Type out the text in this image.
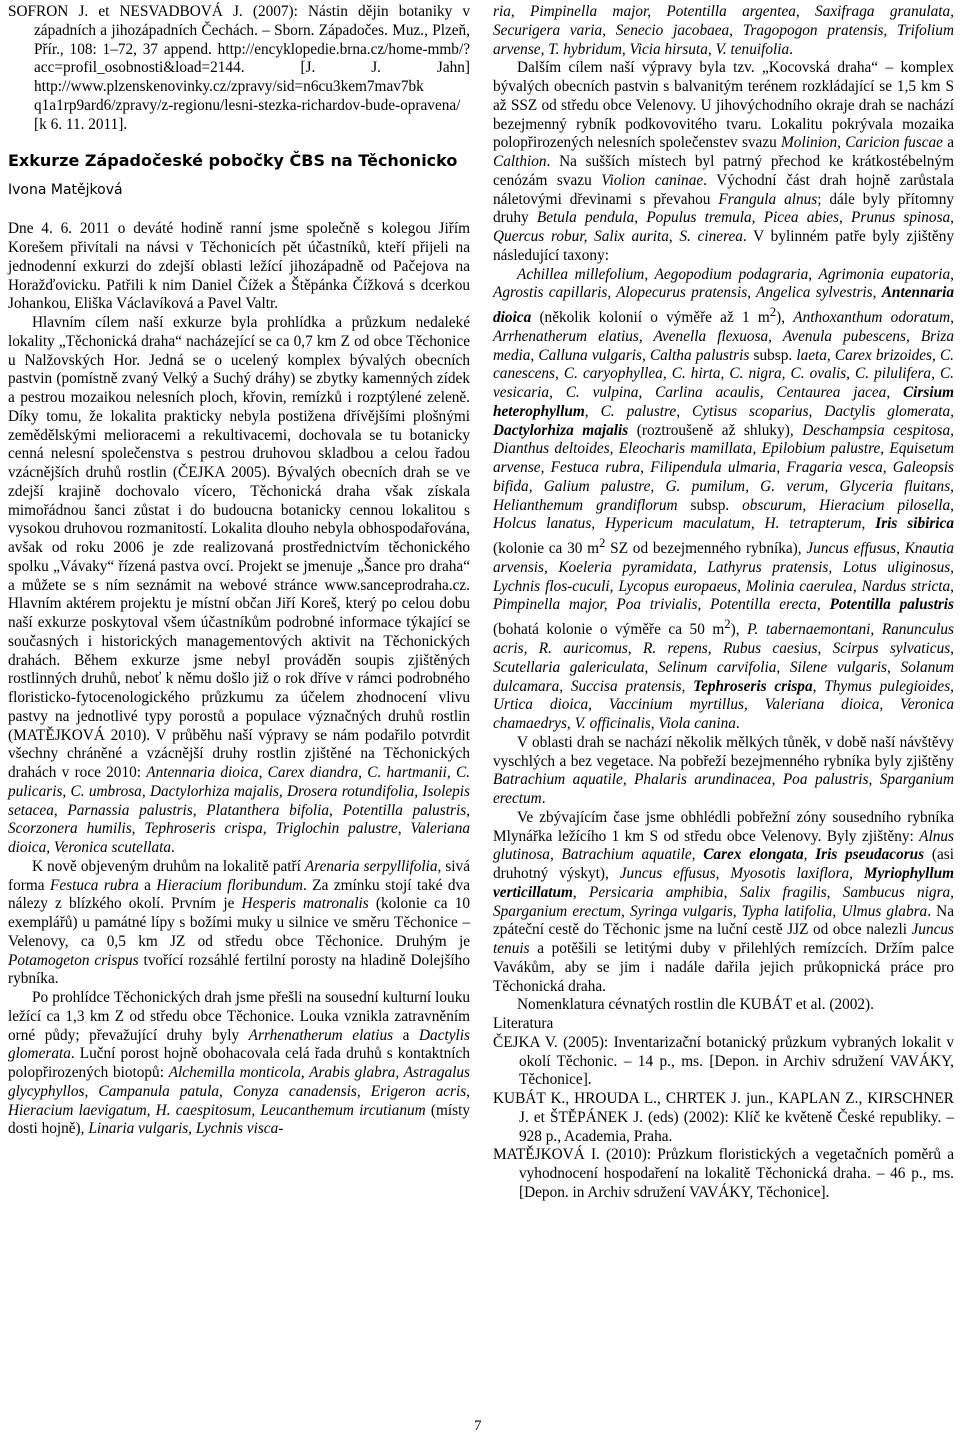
SOFRON J. et NESVADBOVÁ J. (2007): Nástin dějin botaniky v západních a jihozápadních Čechách. – Sborn. Západočes. Muz., Plzeň, Přír., 108: 1–72, 37 append. http://encyklopedie.brna.cz/home-mmb/?acc=profil_osobnosti&load=2144. [J. J. Jahn] http://www.plzenskenovinky.cz/zpravy/sid=n6cu3kem7mav7bk q1a1rp9ard6/zpravy/z-regionu/lesni-stezka-richardov-bude-opravena/ [k 6. 11. 2011].

Exkurze Západočeské pobočky ČBS na Těchonicko
Ivona Matějková

Dne 4. 6. 2011 o deváté hodině ranní jsme společně s kolegou Jiřím Korešem přivítali na návsi v Těchonicích pět účastníků, kteří přijeli na jednodenní exkurzi do zdejší oblasti ležící jihozápadně od Pačejova na Horažďovicku. Patřili k nim Daniel Čížek a Štěpánka Čížková s dcerkou Johankou, Eliška Václavíková a Pavel Valtr.

Hlavním cílem naší exkurze byla prohlídka a průzkum nedaleké lokality „Těchonická draha“ nacházející se ca 0,7 km Z od obce Těchonice u Nalžovských Hor. Jedná se o ucelený komplex bývalých obecních pastvin (pomístně zvaný Velký a Suchý dráhy) se zbytky kamenných zídek a pestrou mozaikou nelesních ploch, křovin, remízků i rozptýlené zeleně. Díky tomu, že lokalita prakticky nebyla postižena dřívějšími plošnými zemědělskými melioracemi a rekultivacemi, dochovala se tu botanicky cenná nelesní společenstva s pestrou druhovou skladbou a celou řadou vzácnějších druhů rostlin (ČEJKA 2005). Bývalých obecních drah se ve zdejší krajině dochovalo vícero, Těchonická draha však získala mimořádnou šanci zůstat i do budoucna botanicky cennou lokalitou s vysokou druhovou rozmanitostí. Lokalita dlouho nebyla obhospodařována, avšak od roku 2006 je zde realizovaná prostřednictvím těchonického spolku „Vávaky“ řízená pastva ovcí. Projekt se jmenuje „Šance pro draha“ a můžete se s ním seznámit na webové stránce www.sanceprodraha.cz. Hlavním aktérem projektu je místní občan Jiří Koreš, který po celou dobu naší exkurze poskytoval všem účastníkům podrobné informace týkající se současných i historických managementových aktivit na Těchonických drahách. Během exkurze jsme nebyl prováděn soupis zjištěných rostlinných druhů, neboť k němu došlo již o rok dříve v rámci podrobného floristicko-fytocenologického průzkumu za účelem zhodnocení vlivu pastvy na jednotlivé typy porostů a populace význačných druhů rostlin (MATĚJKOVÁ 2010). V průběhu naší výpravy se nám podařilo potvrdit všechny chráněné a vzácnější druhy rostlin zjištěné na Těchonických drahách v roce 2010: Antennaria dioica, Carex diandra, C. hartmanii, C. pulicaris, C. umbrosa, Dactylorhiza majalis, Drosera rotundifolia, Isolepis setacea, Parnassia palustris, Platanthera bifolia, Potentilla palustris, Scorzonera humilis, Tephroseris crispa, Triglochin palustre, Valeriana dioica, Veronica scutellata.

K nově objeveným druhům na lokalitě patří Arenaria serpyllifolia, sivá forma Festuca rubra a Hieracium floribundum. Za zmínku stojí také dva nálezy z blízkého okolí. Prvním je Hesperis matronalis (kolonie ca 10 exemplářů) u památné lípy s božími muky u silnice ve směru Těchonice – Velenovy, ca 0,5 km JZ od středu obce Těchonice. Druhým je Potamogeton crispus tvořící rozsáhlé fertilní porosty na hladině Dolejšího rybníka.

Po prohlídce Těchonických drah jsme přešli na sousední kulturní louku ležící ca 1,3 km Z od středu obce Těchonice. Louka vznikla zatravněním orné půdy; převažující druhy byly Arrhenatherum elatius a Dactylis glomerata. Luční porost hojně obohacovala celá řada druhů s kontaktních polopřirozených biotopů: Alchemilla monticola, Arabis glabra, Astragalus glycyphyllos, Campanula patula, Conyza canadensis, Erigeron acris, Hieracium laevigatum, H. caespitosum, Leucanthemum ircutianum (místy dosti hojně), Linaria vulgaris, Lychnis visca-

ria, Pimpinella major, Potentilla argentea, Saxifraga granulata, Securigera varia, Senecio jacobaea, Tragopogon pratensis, Trifolium arvense, T. hybridum, Vicia hirsuta, V. tenuifolia.

Dalším cílem naší výpravy byla tzv. „Kocovská draha“ – komplex bývalých obecních pastvin s balvanitým terénem rozkládající se 1,5 km S až SSZ od středu obce Velenovy. U jihovýchodního okraje drah se nachází bezejmenný rybník podkovovitého tvaru. Lokalitu pokrývala mozaika polopřirozených nelesních společenstev svazu Molinion, Caricion fuscae a Calthion. Na sušších místech byl patrný přechod ke krátkostébelným cenózám svazu Violion caninae. Východní část drah hojně zarůstala náletovými dřevinami s převahou Frangula alnus; dále byly přítomny druhy Betula pendula, Populus tremula, Picea abies, Prunus spinosa, Quercus robur, Salix aurita, S. cinerea. V bylinném patře byly zjištěny následující taxony:

Achillea millefolium, Aegopodium podagraria, Agrimonia eupatoria, Agrostis capillaris, Alopecurus pratensis, Angelica sylvestris, Antennaria dioica (několik kolonií o výměře až 1 $m^2$), Anthoxanthum odoratum, Arrhenatherum elatius, Avenella flexuosa, Avenula pubescens, Briza media, Calluna vulgaris, Caltha palustris subsp. laeta, Carex brizoides, C. canescens, C. caryophyllea, C. hirta, C. nigra, C. ovalis, C. pilulifera, C. vesicaria, C. vulpina, Carlina acaulis, Centaurea jacea, Cirsium heterophyllum, C. palustre, Cytisus scoparius, Dactylis glomerata, Dactylorhiza majalis (roztroušeně až shluky), Deschampsia cespitosa, Dianthus deltoides, Eleocharis mamillata, Epilobium palustre, Equisetum arvense, Festuca rubra, Filipendula ulmaria, Fragaria vesca, Galeopsis bifida, Galium palustre, G. pumilum, G. verum, Glyceria fluitans, Helianthemum grandiflorum subsp. obscurum, Hieracium pilosella, Holcus lanatus, Hypericum maculatum, H. tetrapterum, Iris sibirica (kolonie ca 30 $m^2$ SZ od bezejmenného rybníka), Juncus effusus, Knautia arvensis, Koeleria pyramidata, Lathyrus pratensis, Lotus uliginosus, Lychnis flos-cuculi, Lycopus europaeus, Molinia caerulea, Nardus stricta, Pimpinella major, Poa trivialis, Potentilla erecta, Potentilla palustris (bohatá kolonie o výměře ca 50 $m^2$), P. tabernaemontani, Ranunculus acris, R. auricomus, R. repens, Rubus caesius, Scirpus sylvaticus, Scutellaria galericulata, Selinum carvifolia, Silene vulgaris, Solanum dulcamara, Succisa pratensis, Tephroseris crispa, Thymus pulegioides, Urtica dioica, Vaccinium myrtillus, Valeriana dioica, Veronica chamaedrys, V. officinalis, Viola canina.

V oblasti drah se nachází několik mělkých tůněk, v době naší návštěvy vyschlých a bez vegetace. Na pobřeží bezejmenného rybníka byly zjištěny Batrachium aquatile, Phalaris arundinacea, Poa palustris, Sparganium erectum.

Ve zbývajícím čase jsme obhlédli pobřežní zóny sousedního rybníka Mlynářka ležícího 1 km S od středu obce Velenovy. Byly zjištěny: Alnus glutinosa, Batrachium aquatile, Carex elongata, Iris pseudacorus (asi druhotný výskyt), Juncus effusus, Myosotis laxiflora, Myriophyllum verticillatum, Persicaria amphibia, Salix fragilis, Sambucus nigra, Sparganium erectum, Syringa vulgaris, Typha latifolia, Ulmus glabra. Na zpáteční cestě do Těchonic jsme na luční cestě JJZ od obce nalezli Juncus tenuis a potěšili se letitými duby v přilehlých remízcích. Držím palce Vavákům, aby se jim i nadále dařila jejich průkopnická práce pro Těchonická draha.

Nomenklatura cévnatých rostlin dle KUBÁT et al. (2002).

Literatura

ČEJKA V. (2005): Inventarizační botanický průzkum vybraných lokalit v okolí Těchonic. – 14 p., ms. [Depon. in Archiv sdružení VAVÁKY, Těchonice].

KUBÁT K., HROUDA L., CHRTEK J. jun., KAPLAN Z., KIRSCHNER J. et ŠTĚPÁNEK J. (eds) (2002): Klíč ke květeně České republiky. – 928 p., Academia, Praha.

MATĚJKOVÁ I. (2010): Průzkum floristických a vegetačních poměrů a vyhodnocení hospodaření na lokalitě Těchonická draha. – 46 p., ms. [Depon. in Archiv sdružení VAVÁKY, Těchonice].

7
